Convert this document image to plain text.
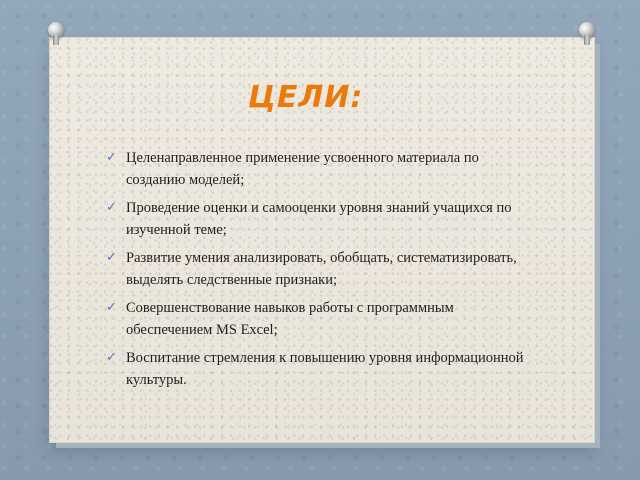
ЦЕЛИ:
✓ Целенаправленное применение усвоенного материала по созданию моделей;
✓ Проведение оценки и самооценки уровня знаний учащихся по изученной теме;
✓ Развитие умения анализировать, обобщать, систематизировать, выделять следственные признаки;
✓ Совершенствование навыков работы с программным обеспечением MS Excel;
✓ Воспитание стремления к повышению уровня информационной культуры.
